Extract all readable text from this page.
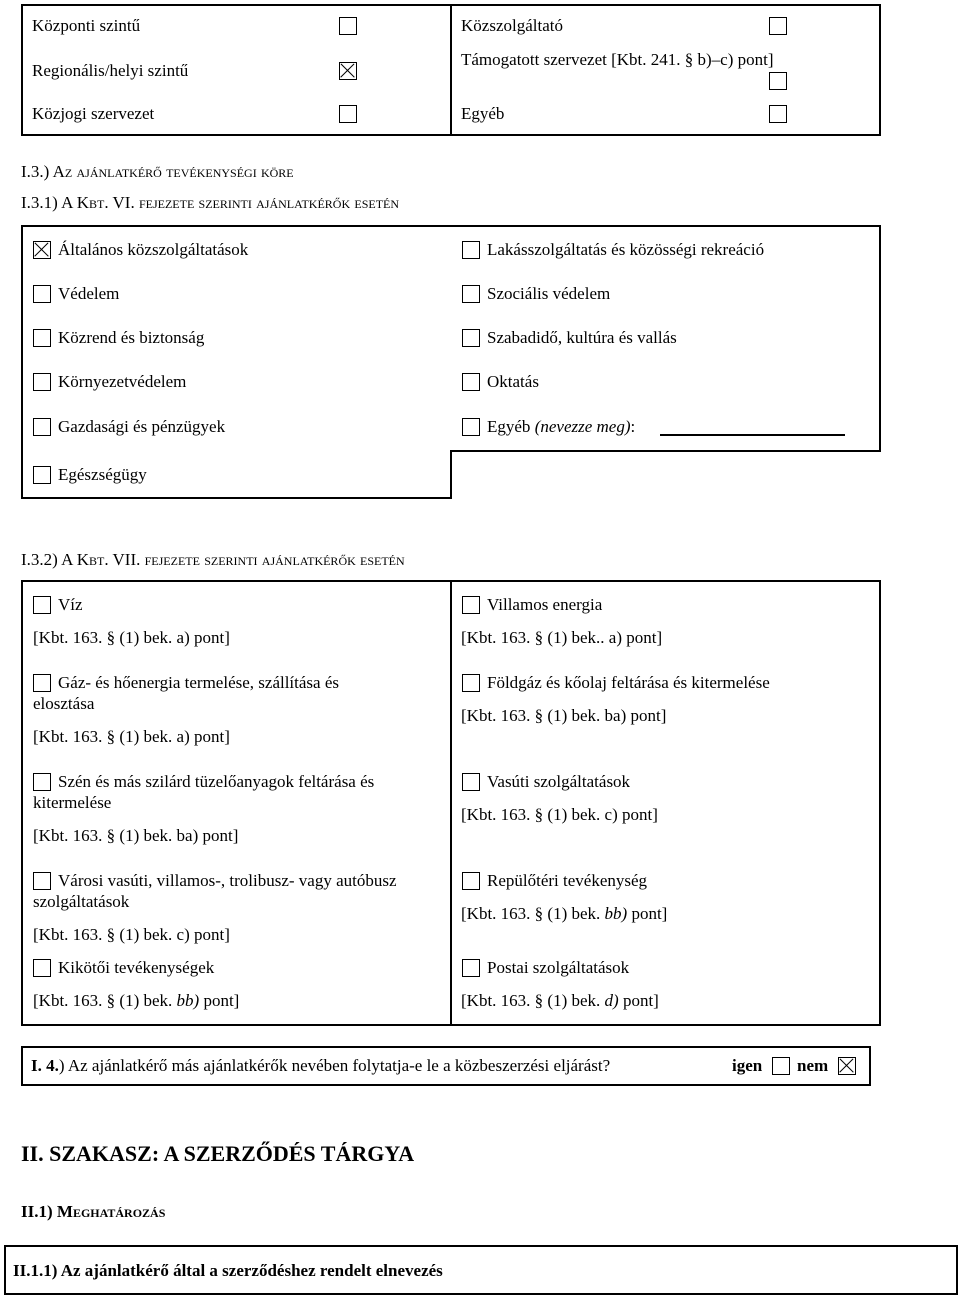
Központi szintű
Regionális/helyi szintű
Közjogi szervezet
Közszolgáltató
Támogatott szervezet [Kbt. 241. § b)–c) pont]
Egyéb
I.3.) Az ajánlatkérő tevékenységi köre
I.3.1) A Kbt. VI. fejezete szerinti ajánlatkérők esetén
Általános közszolgáltatások
Védelem
Közrend és biztonság
Környezetvédelem
Gazdasági és pénzügyek
Egészségügy
Lakásszolgáltatás és közösségi rekreáció
Szociális védelem
Szabadidő, kultúra és vallás
Oktatás
Egyéb (nevezze meg):
I.3.2) A Kbt. VII. fejezete szerinti ajánlatkérők esetén
Víz
[Kbt. 163. § (1) bek. a) pont]
Gáz- és hőenergia termelése, szállítása és
elosztása
[Kbt. 163. § (1) bek. a) pont]
Szén és más szilárd tüzelőanyagok feltárása és
kitermelése
[Kbt. 163. § (1) bek. ba) pont]
Városi vasúti, villamos-, trolibusz- vagy autóbusz
szolgáltatások
[Kbt. 163. § (1) bek. c) pont]
Kikötői tevékenységek
[Kbt. 163. § (1) bek. bb) pont]
Villamos energia
[Kbt. 163. § (1) bek.. a) pont]
Földgáz és kőolaj feltárása és kitermelése
[Kbt. 163. § (1) bek. ba) pont]
Vasúti szolgáltatások
[Kbt. 163. § (1) bek. c) pont]
Repülőtéri tevékenység
[Kbt. 163. § (1) bek. bb) pont]
Postai szolgáltatások
[Kbt. 163. § (1) bek. d) pont]
I. 4.) Az ajánlatkérő más ajánlatkérők nevében folytatja-e le a közbeszerzési eljárást?	igen nem
II. SZAKASZ: A SZERZŐDÉS TÁRGYA
II.1) Meghatározás
II.1.1) Az ajánlatkérő által a szerződéshez rendelt elnevezés
